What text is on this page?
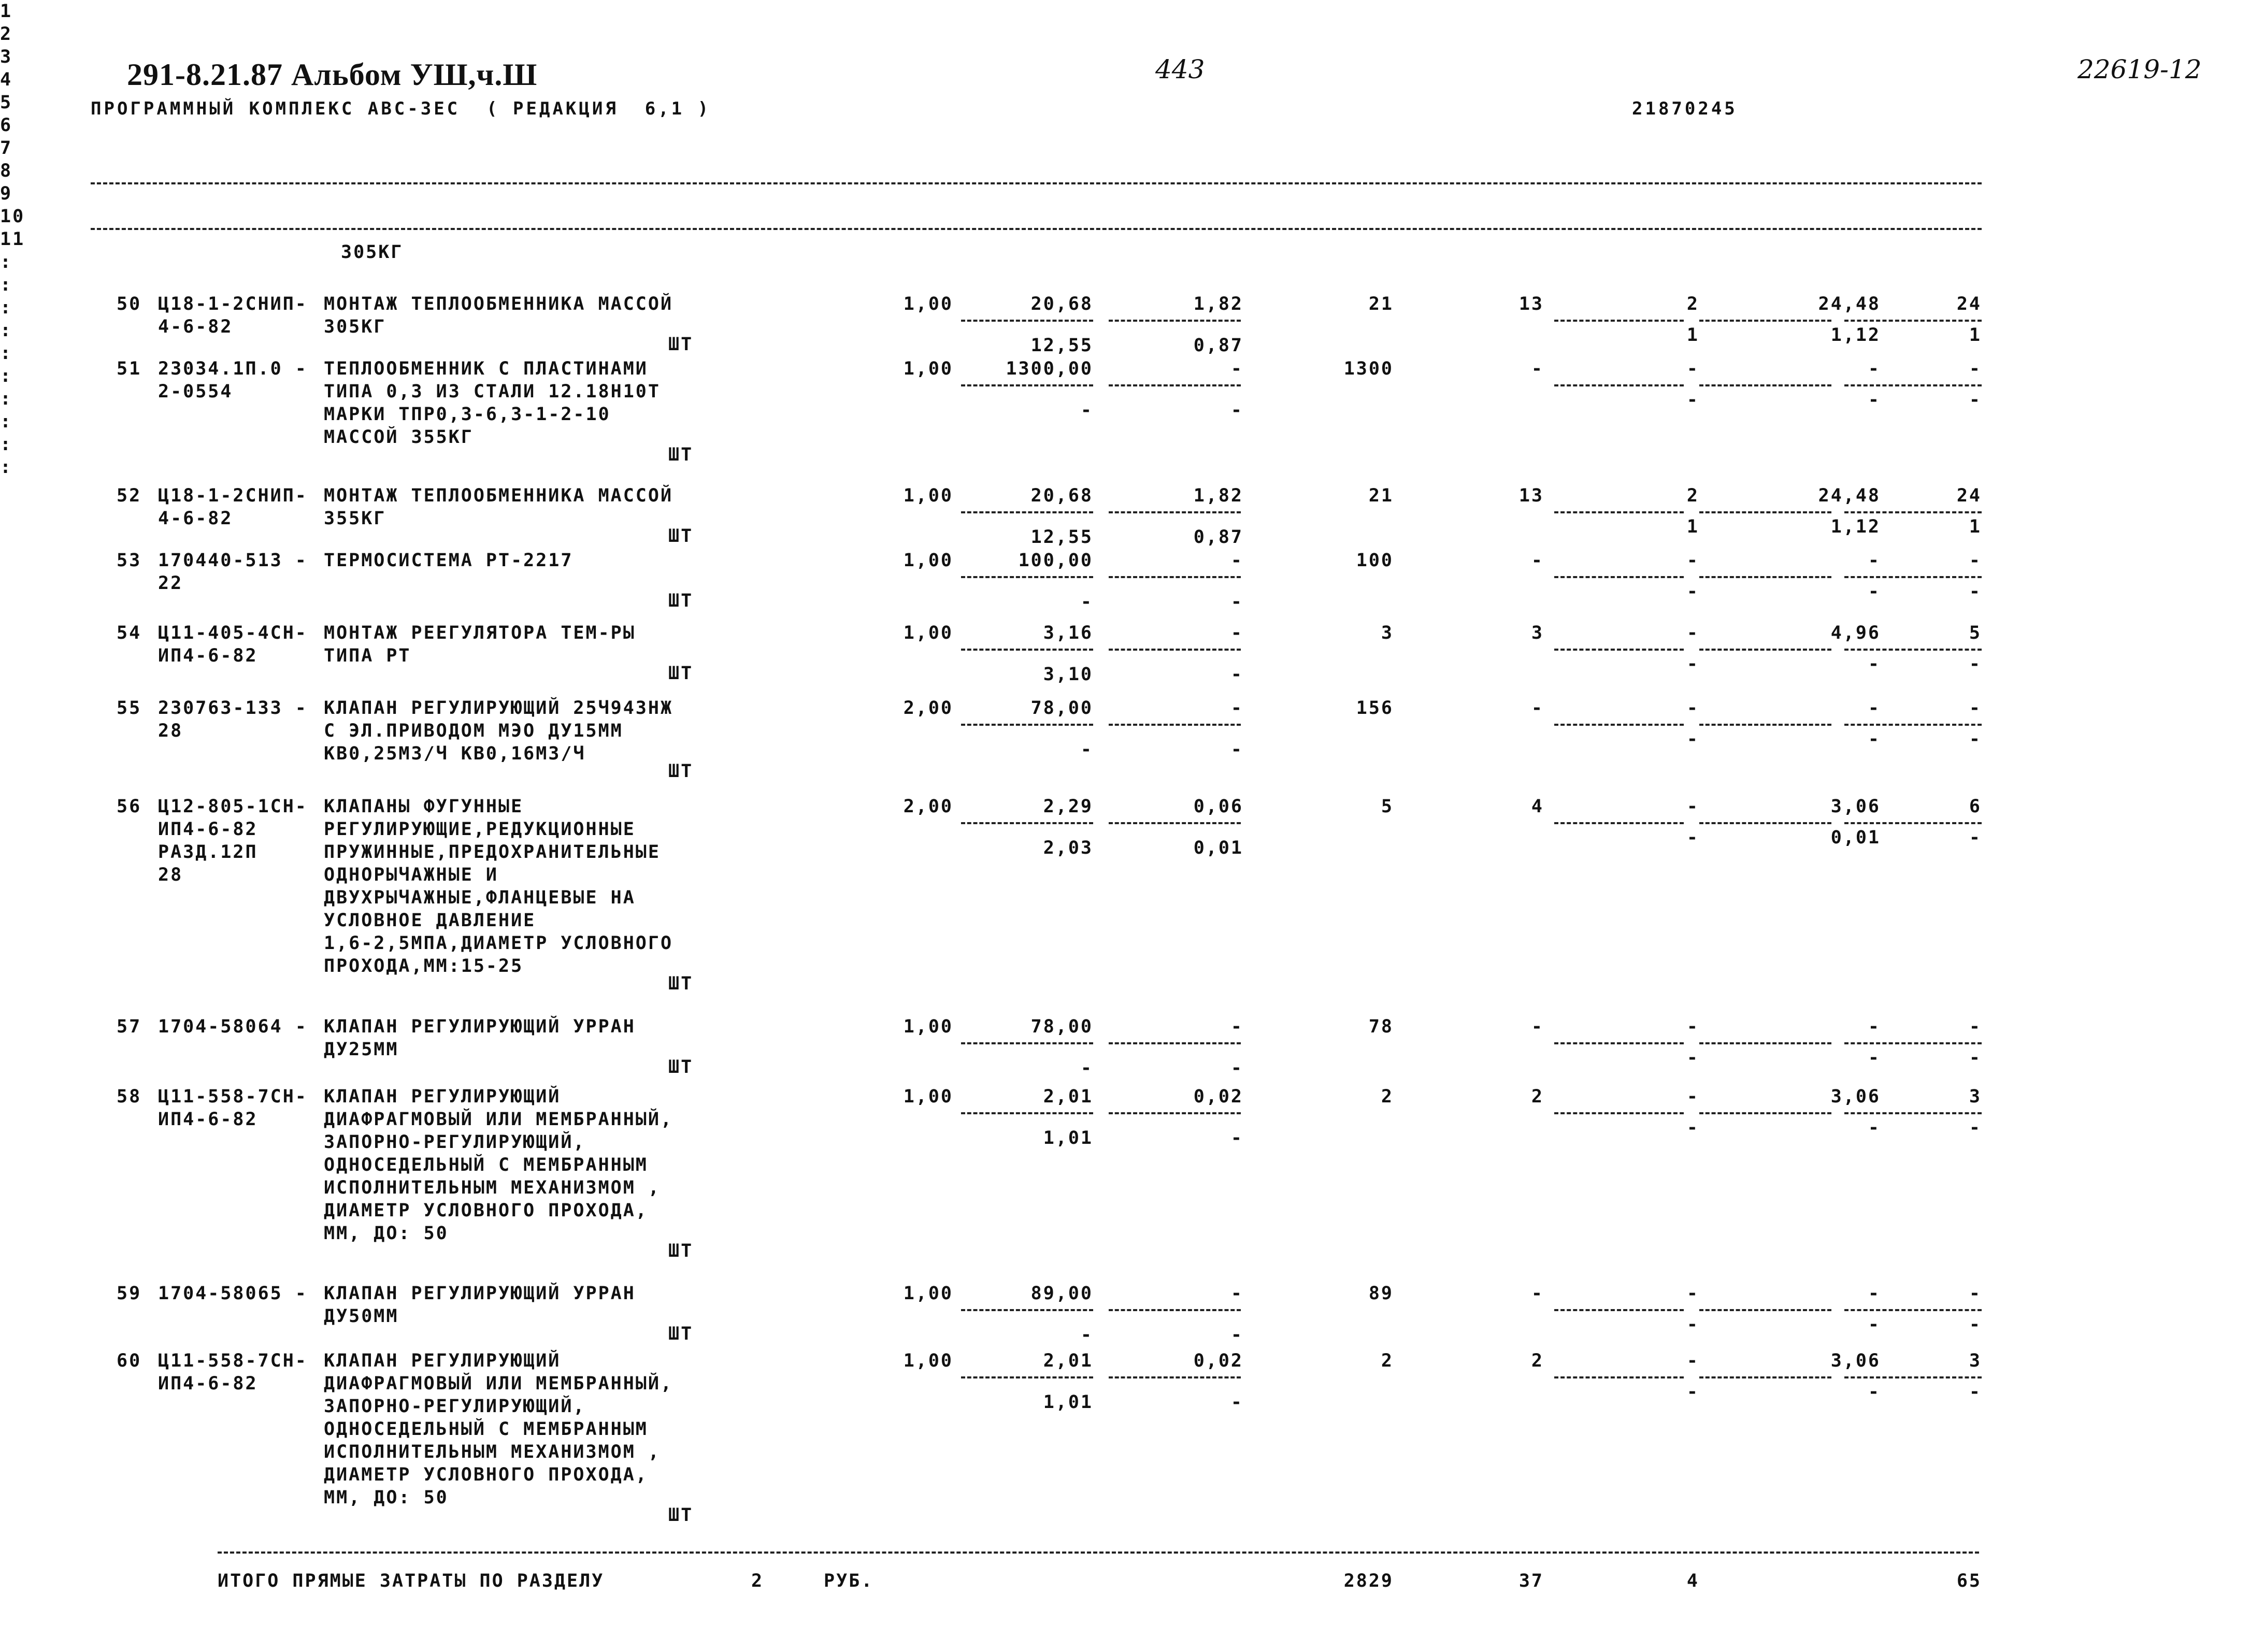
291-8.21.87 Альбом УШ,ч.Ш
ПРОГРАММНЫЙ КОМПЛЕКС АВС-ЗЕС  ( РЕДАКЦИЯ  6,1 )
443
21870245
22619-12
1
2
3
4
5
6
7
8
9
10
11
:
:
:
:
:
:
:
:
:
:
305КГ
50 Ц18-1-2СНИП-
4-6-82
МОНТАЖ ТЕПЛООБМЕННИКА МАССОЙ
305КГ
ШТ
1,00	20,68	1,82	21	13	2	24,48	24
12,55	0,87	1	1,12	1
51 23034.1П.0 -
2-0554
ТЕПЛООБМЕННИК С ПЛАСТИНАМИ
ТИПА 0,3 ИЗ СТАЛИ 12.18Н10Т
МАРКИ ТПР0,3-6,3-1-2-10
МАССОЙ 355КГ
ШТ
1,00	1300,00	-	1300	-	-	-	-
-	-	-	-	-
52 Ц18-1-2СНИП-
4-6-82
МОНТАЖ ТЕПЛООБМЕННИКА МАССОЙ
355КГ
ШТ
1,00	20,68	1,82	21	13	2	24,48	24
12,55	0,87	1	1,12	1
53 170440-513 -
22
ТЕРМОСИСТЕМА РТ-2217
ШТ
1,00	100,00	-	100	-	-	-	-
-	-	-	-	-
54 Ц11-405-4СН-
ИП4-6-82
МОНТАЖ РЕЕГУЛЯТОРА ТЕМ-РЫ
ТИПА РТ
ШТ
1,00	3,16	-	3	3	-	4,96	5
3,10	-	-	-	-
55 230763-133 -
28
КЛАПАН РЕГУЛИРУЮЩИЙ 25Ч943НЖ
С ЭЛ.ПРИВОДОМ МЭО ДУ15ММ
КВ0,25МЗ/Ч КВ0,16МЗ/Ч
ШТ
2,00	78,00	-	156	-	-	-	-
-	-	-	-	-
56 Ц12-805-1СН-
ИП4-6-82
РАЗД.12П
28
КЛАПАНЫ ФУГУННЫЕ
РЕГУЛИРУЮЩИЕ,РЕДУКЦИОННЫЕ
ПРУЖИННЫЕ,ПРЕДОХРАНИТЕЛЬНЫЕ
ОДНОРЫЧАЖНЫЕ И
ДВУХРЫЧАЖНЫЕ,ФЛАНЦЕВЫЕ НА
УСЛОВНОЕ ДАВЛЕНИЕ
1,6-2,5МПА,ДИАМЕТР УСЛОВНОГО
ПРОХОДА,ММ:15-25
ШТ
2,00	2,29	0,06	5	4	-	3,06	6
2,03	0,01	-	0,01	-
57 1704-58064 - КЛАПАН РЕГУЛИРУЮЩИЙ УРРАН
ДУ25ММ
ШТ
1,00	78,00	-	78	-	-	-	-
-	-	-	-	-
58 Ц11-558-7СН-
ИП4-6-82
КЛАПАН РЕГУЛИРУЮЩИЙ
ДИАФРАГМОВЫЙ ИЛИ МЕМБРАННЫЙ,
ЗАПОРНО-РЕГУЛИРУЮЩИЙ,
ОДНОСЕДЕЛЬНЫЙ С МЕМБРАННЫМ
ИСПОЛНИТЕЛЬНЫМ МЕХАНИЗМОМ ,
ДИАМЕТР УСЛОВНОГО ПРОХОДА,
ММ, ДО: 50
ШТ
1,00	2,01	0,02	2	2	-	3,06	3
1,01	-	-	-	-
59 1704-58065 - КЛАПАН РЕГУЛИРУЮЩИЙ УРРАН
ДУ50ММ
ШТ
1,00	89,00	-	89	-	-	-	-
-	-	-	-	-
60 Ц11-558-7СН-
ИП4-6-82
КЛАПАН РЕГУЛИРУЮЩИЙ
ДИАФРАГМОВЫЙ ИЛИ МЕМБРАННЫЙ,
ЗАПОРНО-РЕГУЛИРУЮЩИЙ,
ОДНОСЕДЕЛЬНЫЙ С МЕМБРАННЫМ
ИСПОЛНИТЕЛЬНЫМ МЕХАНИЗМОМ ,
ДИАМЕТР УСЛОВНОГО ПРОХОДА,
ММ, ДО: 50
ШТ
1,00	2,01	0,02	2	2	-	3,06	3
1,01	-	-	-	-
ИТОГО ПРЯМЫЕ ЗАТРАТЫ ПО РАЗДЕЛУ	2	РУБ.	2829	37	4	65
